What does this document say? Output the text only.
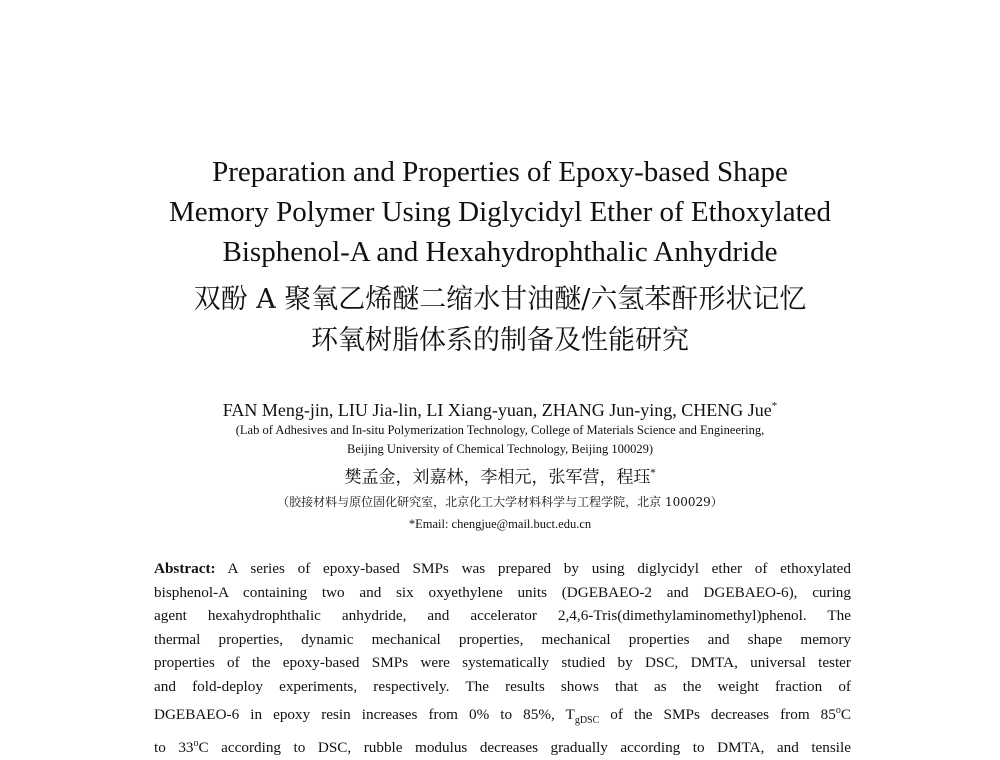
Preparation and Properties of Epoxy-based Shape
Memory Polymer Using Diglycidyl Ether of Ethoxylated
Bisphenol-A and Hexahydrophthalic Anhydride
双酚 A 聚氧乙烯醚二缩水甘油醚/六氢苯酐形状记忆
环氧树脂体系的制备及性能研究

FAN Meng-jin, LIU Jia-lin, LI Xiang-yuan, ZHANG Jun-ying, CHENG Jue*

(Lab of Adhesives and In-situ Polymerization Technology, College of Materials Science and Engineering,
Beijing University of Chemical Technology, Beijing 100029)

樊孟金，刘嘉林，李相元，张军营，程珏*

（胶接材料与原位固化研究室，北京化工大学材料科学与工程学院，北京 100029）

*Email: chengjue@mail.buct.edu.cn

Abstract: A series of epoxy-based SMPs was prepared by using diglycidyl ether of ethoxylated
bisphenol-A containing two and six oxyethylene units (DGEBAEO-2 and DGEBAEO-6), curing
agent hexahydrophthalic anhydride, and accelerator 2,4,6-Tris(dimethylaminomethyl)phenol. The
thermal properties, dynamic mechanical properties, mechanical properties and shape memory
properties of the epoxy-based SMPs were systematically studied by DSC, DMTA, universal tester
and fold-deploy experiments, respectively. The results shows that as the weight fraction of
DGEBAEO-6 in epoxy resin increases from 0% to 85%, $T_{gDSC}$ of the SMPs decreases from 85$^o$C
to 33$^o$C according to DSC, rubble modulus decreases gradually according to DMTA, and tensile
